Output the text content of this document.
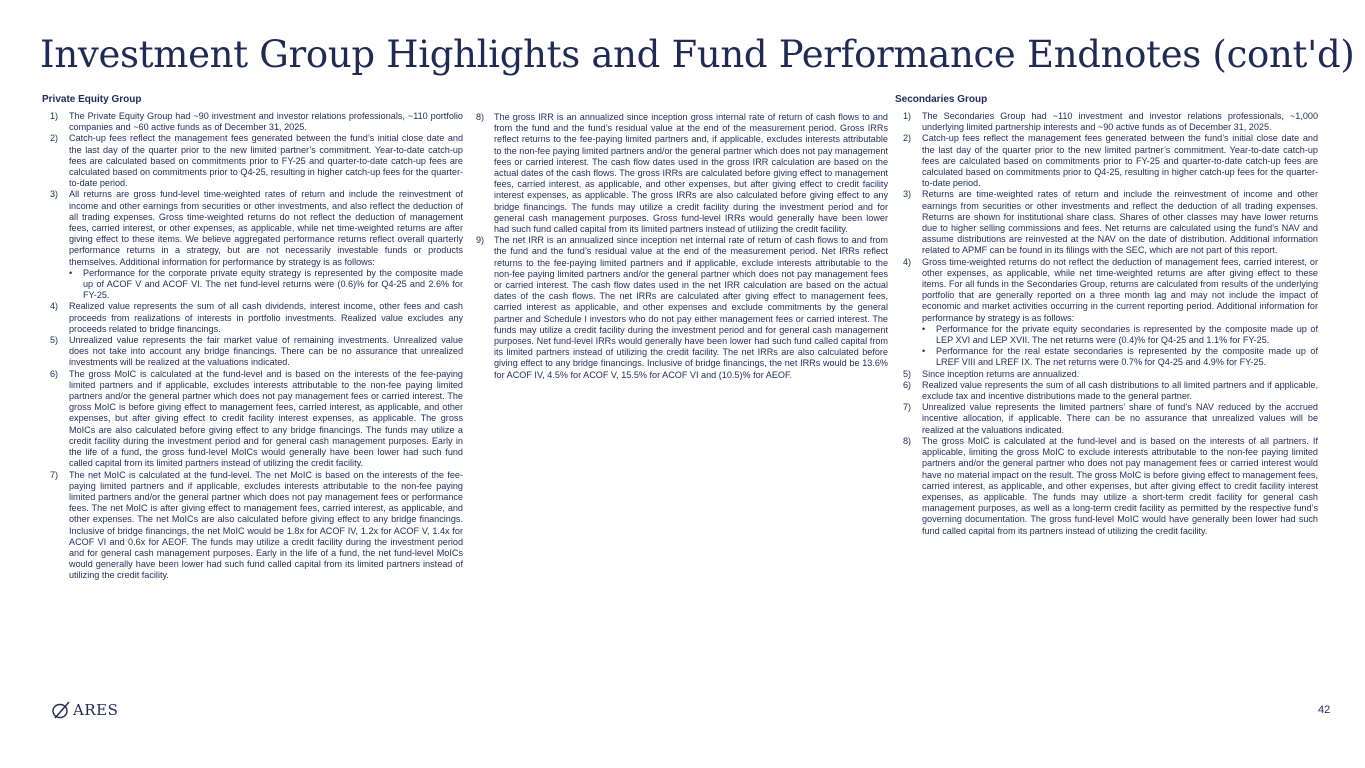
Investment Group Highlights and Fund Performance Endnotes (cont'd)
Private Equity Group
1) The Private Equity Group had ~90 investment and investor relations professionals, ~110 portfolio companies and ~60 active funds as of December 31, 2025.
2) Catch-up fees reflect the management fees generated between the fund’s initial close date and the last day of the quarter prior to the new limited partner’s commitment. Year-to-date catch-up fees are calculated based on commitments prior to FY-25 and quarter-to-date catch-up fees are calculated based on commitments prior to Q4-25, resulting in higher catch-up fees for the quarter-to-date period.
3) All returns are gross fund-level time-weighted rates of return and include the reinvestment of income and other earnings from securities or other investments, and also reflect the deduction of all trading expenses. Gross time-weighted returns do not reflect the deduction of management fees, carried interest, or other expenses, as applicable, while net time-weighted returns are after giving effect to these items. We believe aggregated performance returns reflect overall quarterly performance returns in a strategy, but are not necessarily investable funds or products themselves. Additional information for performance by strategy is as follows:
• Performance for the corporate private equity strategy is represented by the composite made up of ACOF V and ACOF VI. The net fund-level returns were (0.6)% for Q4-25 and 2.6% for FY-25.
4) Realized value represents the sum of all cash dividends, interest income, other fees and cash proceeds from realizations of interests in portfolio investments. Realized value excludes any proceeds related to bridge financings.
5) Unrealized value represents the fair market value of remaining investments. Unrealized value does not take into account any bridge financings. There can be no assurance that unrealized investments will be realized at the valuations indicated.
6) The gross MoIC is calculated at the fund-level and is based on the interests of the fee-paying limited partners and if applicable, excludes interests attributable to the non-fee paying limited partners and/or the general partner which does not pay management fees or carried interest. The gross MoIC is before giving effect to management fees, carried interest, as applicable, and other expenses, but after giving effect to credit facility interest expenses, as applicable. The gross MoICs are also calculated before giving effect to any bridge financings. The funds may utilize a credit facility during the investment period and for general cash management purposes. Early in the life of a fund, the gross fund-level MoICs would generally have been lower had such fund called capital from its limited partners instead of utilizing the credit facility.
7) The net MoIC is calculated at the fund-level. The net MoIC is based on the interests of the fee-paying limited partners and if applicable, excludes interests attributable to the non-fee paying limited partners and/or the general partner which does not pay management fees or performance fees. The net MoIC is after giving effect to management fees, carried interest, as applicable, and other expenses. The net MoICs are also calculated before giving effect to any bridge financings. Inclusive of bridge financings, the net MoIC would be 1.8x for ACOF IV, 1.2x for ACOF V, 1.4x for ACOF VI and 0.6x for AEOF. The funds may utilize a credit facility during the investment period and for general cash management purposes. Early in the life of a fund, the net fund-level MoICs would generally have been lower had such fund called capital from its limited partners instead of utilizing the credit facility.
8) The gross IRR is an annualized since inception gross internal rate of return of cash flows to and from the fund and the fund’s residual value at the end of the measurement period. Gross IRRs reflect returns to the fee-paying limited partners and, if applicable, excludes interests attributable to the non-fee paying limited partners and/or the general partner which does not pay management fees or carried interest. The cash flow dates used in the gross IRR calculation are based on the actual dates of the cash flows. The gross IRRs are calculated before giving effect to management fees, carried interest, as applicable, and other expenses, but after giving effect to credit facility interest expenses, as applicable. The gross IRRs are also calculated before giving effect to any bridge financings. The funds may utilize a credit facility during the investment period and for general cash management purposes. Gross fund-level IRRs would generally have been lower had such fund called capital from its limited partners instead of utilizing the credit facility.
9) The net IRR is an annualized since inception net internal rate of return of cash flows to and from the fund and the fund’s residual value at the end of the measurement period. Net IRRs reflect returns to the fee-paying limited partners and if applicable, exclude interests attributable to the non-fee paying limited partners and/or the general partner which does not pay management fees or carried interest. The cash flow dates used in the net IRR calculation are based on the actual dates of the cash flows. The net IRRs are calculated after giving effect to management fees, carried interest as applicable, and other expenses and exclude commitments by the general partner and Schedule I investors who do not pay either management fees or carried interest. The funds may utilize a credit facility during the investment period and for general cash management purposes. Net fund-level IRRs would generally have been lower had such fund called capital from its limited partners instead of utilizing the credit facility. The net IRRs are also calculated before giving effect to any bridge financings. Inclusive of bridge financings, the net IRRs would be 13.6% for ACOF IV, 4.5% for ACOF V, 15.5% for ACOF VI and (10.5)% for AEOF.
Secondaries Group
1) The Secondaries Group had ~110 investment and investor relations professionals, ~1,000 underlying limited partnership interests and ~90 active funds as of December 31, 2025.
2) Catch-up fees reflect the management fees generated between the fund’s initial close date and the last day of the quarter prior to the new limited partner’s commitment. Year-to-date catch-up fees are calculated based on commitments prior to FY-25 and quarter-to-date catch-up fees are calculated based on commitments prior to Q4-25, resulting in higher catch-up fees for the quarter-to-date period.
3) Returns are time-weighted rates of return and include the reinvestment of income and other earnings from securities or other investments and reflect the deduction of all trading expenses. Returns are shown for institutional share class. Shares of other classes may have lower returns due to higher selling commissions and fees. Net returns are calculated using the fund’s NAV and assume distributions are reinvested at the NAV on the date of distribution. Additional information related to APMF can be found in its filings with the SEC, which are not part of this report.
4) Gross time-weighted returns do not reflect the deduction of management fees, carried interest, or other expenses, as applicable, while net time-weighted returns are after giving effect to these items. For all funds in the Secondaries Group, returns are calculated from results of the underlying portfolio that are generally reported on a three month lag and may not include the impact of economic and market activities occurring in the current reporting period. Additional information for performance by strategy is as follows:
• Performance for the private equity secondaries is represented by the composite made up of LEP XVI and LEP XVII. The net returns were (0.4)% for Q4-25 and 1.1% for FY-25.
• Performance for the real estate secondaries is represented by the composite made up of LREF VIII and LREF IX. The net returns were 0.7% for Q4-25 and 4.9% for FY-25.
5) Since inception returns are annualized.
6) Realized value represents the sum of all cash distributions to all limited partners and if applicable, exclude tax and incentive distributions made to the general partner.
7) Unrealized value represents the limited partners’ share of fund’s NAV reduced by the accrued incentive allocation, if applicable. There can be no assurance that unrealized values will be realized at the valuations indicated.
8) The gross MoIC is calculated at the fund-level and is based on the interests of all partners. If applicable, limiting the gross MoIC to exclude interests attributable to the non-fee paying limited partners and/or the general partner who does not pay management fees or carried interest would have no material impact on the result. The gross MoIC is before giving effect to management fees, carried interest, as applicable, and other expenses, but after giving effect to credit facility interest expenses, as applicable. The funds may utilize a short-term credit facility for general cash management purposes, as well as a long-term credit facility as permitted by the respective fund’s governing documentation. The gross fund-level MoIC would have generally been lower had such fund called capital from its partners instead of utilizing the credit facility.
ARES	42
